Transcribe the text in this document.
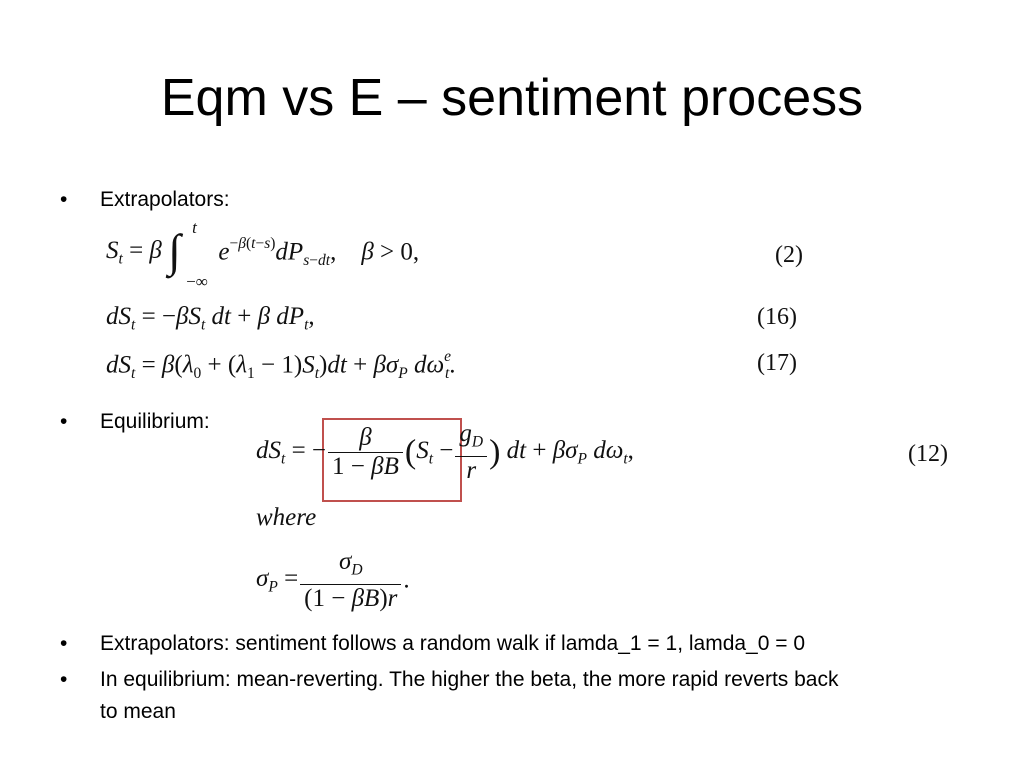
Eqm vs E – sentiment process
•	Extrapolators:
$S_t = \beta$ ∫ t
−∞
$e^{-\beta(t-s)}dP_{s-dt}$,    β > 0,	(2)
$dS_t = -\beta S_t$ dt + β $dP_t$,	(16)
$dS_t = \beta(\lambda_0 + (\lambda_1 - 1)S_t)dt + \beta\sigma_P$ $d\omega^e_t$.	(17)
•	Equilibrium:
$dS_t$ = − $\frac{\beta}{1 - \beta B} (S_t - \frac{g_D}{r}$ ) dt + $\beta\sigma_P$ $d\omega_t$,	(12)
where
$\sigma_P = \frac{\sigma_D}{(1 - \beta B)r}$ .
•	Extrapolators: sentiment follows a random walk if lamda_1 = 1, lamda_0 = 0
•	In equilibrium: mean-reverting. The higher the beta, the more rapid reverts back
to mean
